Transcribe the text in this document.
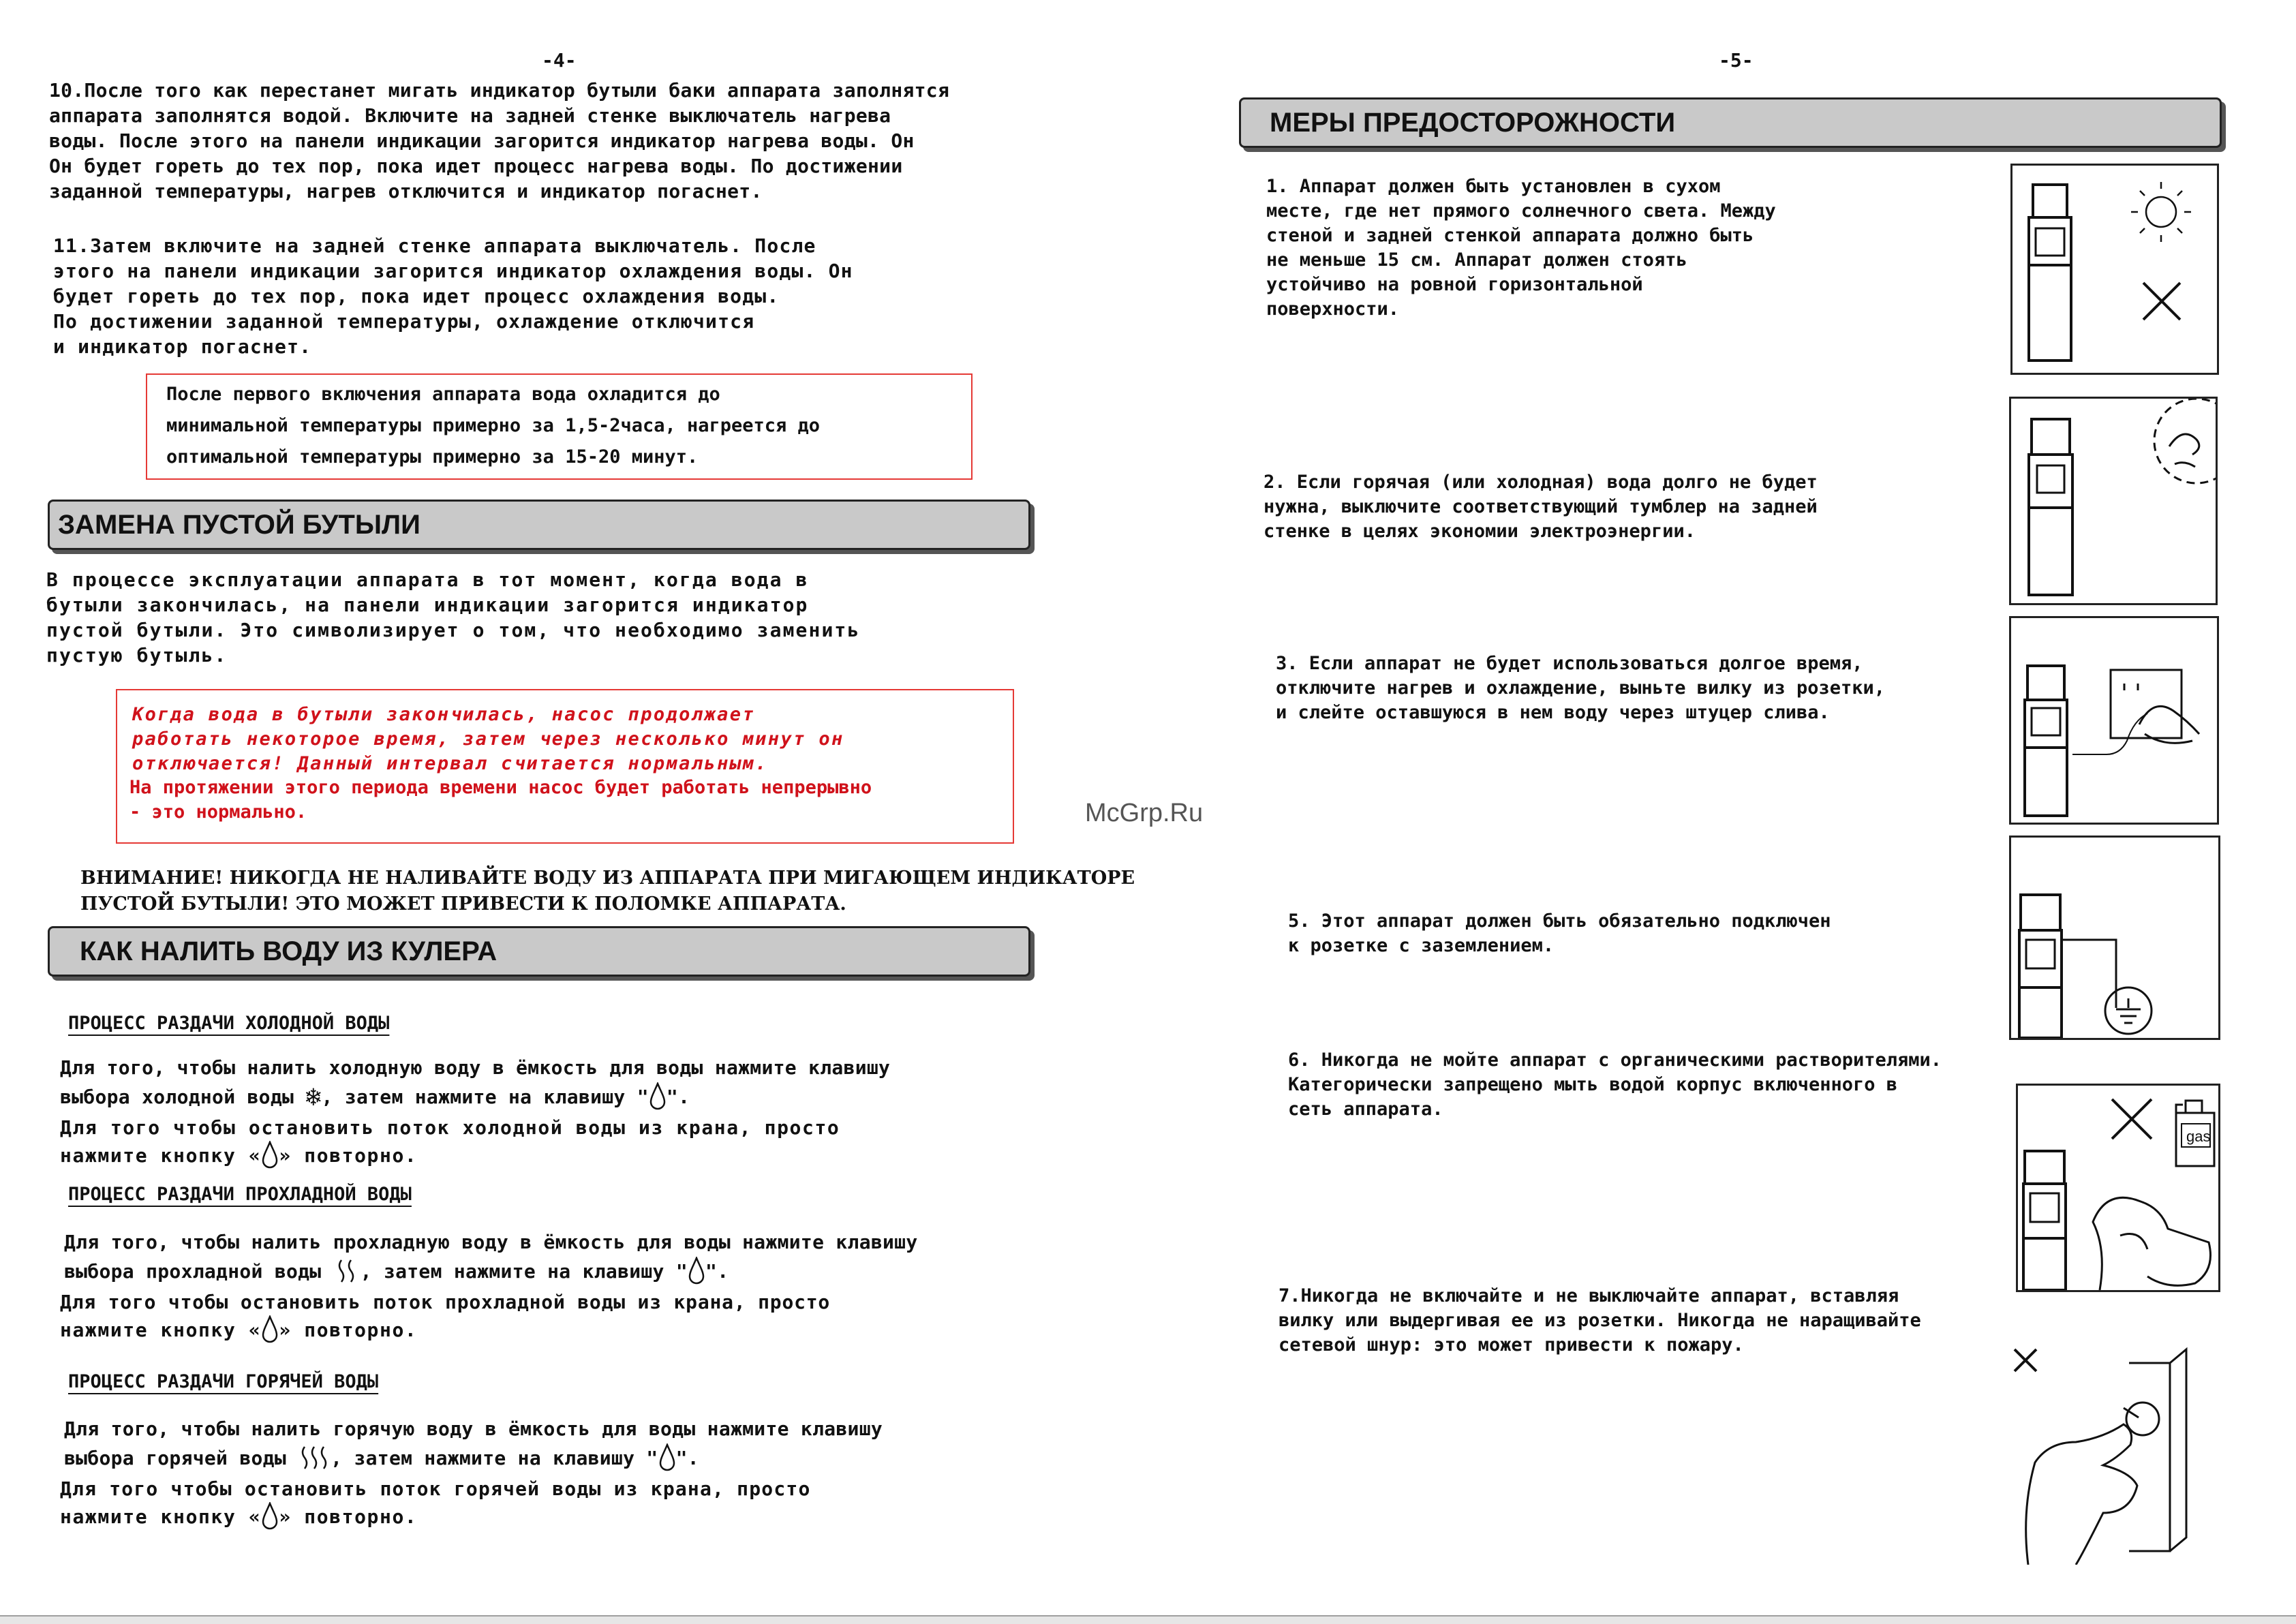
-4-
10.После того как перестанет мигать индикатор бутыли баки аппарата заполнятся
аппарата заполнятся водой. Включите на задней стенке выключатель нагрева
воды. После этого на панели индикации загорится индикатор нагрева воды. Он
Он будет гореть до тех пор, пока идет процесс нагрева воды. По достижении
заданной температуры, нагрев отключится и индикатор погаснет.
11.Затем включите на задней стенке аппарата выключатель. После
этого на панели индикации загорится индикатор охлаждения воды. Он
будет гореть до тех пор, пока идет процесс охлаждения воды.
По достижении заданной температуры, охлаждение отключится
и индикатор погаснет.
После первого включения аппарата вода охладится до
минимальной температуры примерно за 1,5-2часа, нагреется до
оптимальной температуры примерно за 15-20 минут.
ЗАМЕНА ПУСТОЙ БУТЫЛИ
В процессе эксплуатации аппарата в тот момент, когда вода в
бутыли закончилась, на панели индикации загорится индикатор
пустой бутыли. Это символизирует о том, что необходимо заменить
пустую бутыль.
Когда вода в бутыли закончилась, насос продолжает
работать некоторое время, затем через несколько минут он
отключается! Данный интервал считается нормальным.
На протяжении этого периода времени насос будет работать непрерывно
- это нормально.
ВНИМАНИЕ! НИКОГДА НЕ НАЛИВАЙТЕ ВОДУ ИЗ АППАРАТА ПРИ МИГАЮЩЕМ ИНДИКАТОРЕ
ПУСТОЙ БУТЫЛИ! ЭТО МОЖЕТ ПРИВЕСТИ К ПОЛОМКЕ АППАРАТА.
КАК НАЛИТЬ ВОДУ ИЗ КУЛЕРА
ПРОЦЕСС РАЗДАЧИ ХОЛОДНОЙ ВОДЫ
Для того, чтобы налить холодную воду в ёмкость для воды нажмите клавишу
выбора холодной воды ❄ , затем нажмите на клавишу " ".
Для того чтобы остановить поток холодной воды из крана, просто
нажмите кнопку « » повторно.
ПРОЦЕСС РАЗДАЧИ ПРОХЛАДНОЙ ВОДЫ
Для того, чтобы налить прохладную воду в ёмкость для воды нажмите клавишу
выбора прохладной воды , затем нажмите на клавишу " ".
Для того чтобы остановить поток прохладной воды из крана, просто
нажмите кнопку « » повторно.
ПРОЦЕСС РАЗДАЧИ ГОРЯЧЕЙ ВОДЫ
Для того, чтобы налить горячую воду в ёмкость для воды нажмите клавишу
выбора горячей воды , затем нажмите на клавишу " ".
Для того чтобы остановить поток горячей воды из крана, просто
нажмите кнопку « » повторно.
McGrp.Ru
-5-
МЕРЫ ПРЕДОСТОРОЖНОСТИ
1. Аппарат должен быть установлен в сухом
месте, где нет прямого солнечного света. Между
стеной и задней стенкой аппарата должно быть
не меньше 15 см. Аппарат должен стоять
устойчиво на ровной горизонтальной
поверхности.
2. Если горячая (или холодная) вода долго не будет
нужна, выключите соответствующий тумблер на задней
стенке в целях экономии электроэнергии.
3. Если аппарат не будет использоваться долгое время,
отключите нагрев и охлаждение, выньте вилку из розетки,
и слейте оставшуюся в нем воду через штуцер слива.
5. Этот аппарат должен быть обязательно подключен
к розетке с заземлением.
6. Никогда не мойте аппарат с органическими растворителями.
Категорически запрещено мыть водой корпус включенного в
сеть аппарата.
7.Никогда не включайте и не выключайте аппарат, вставляя
вилку или выдергивая ее из розетки. Никогда не наращивайте
сетевой шнур: это может привести к пожару.
gas
